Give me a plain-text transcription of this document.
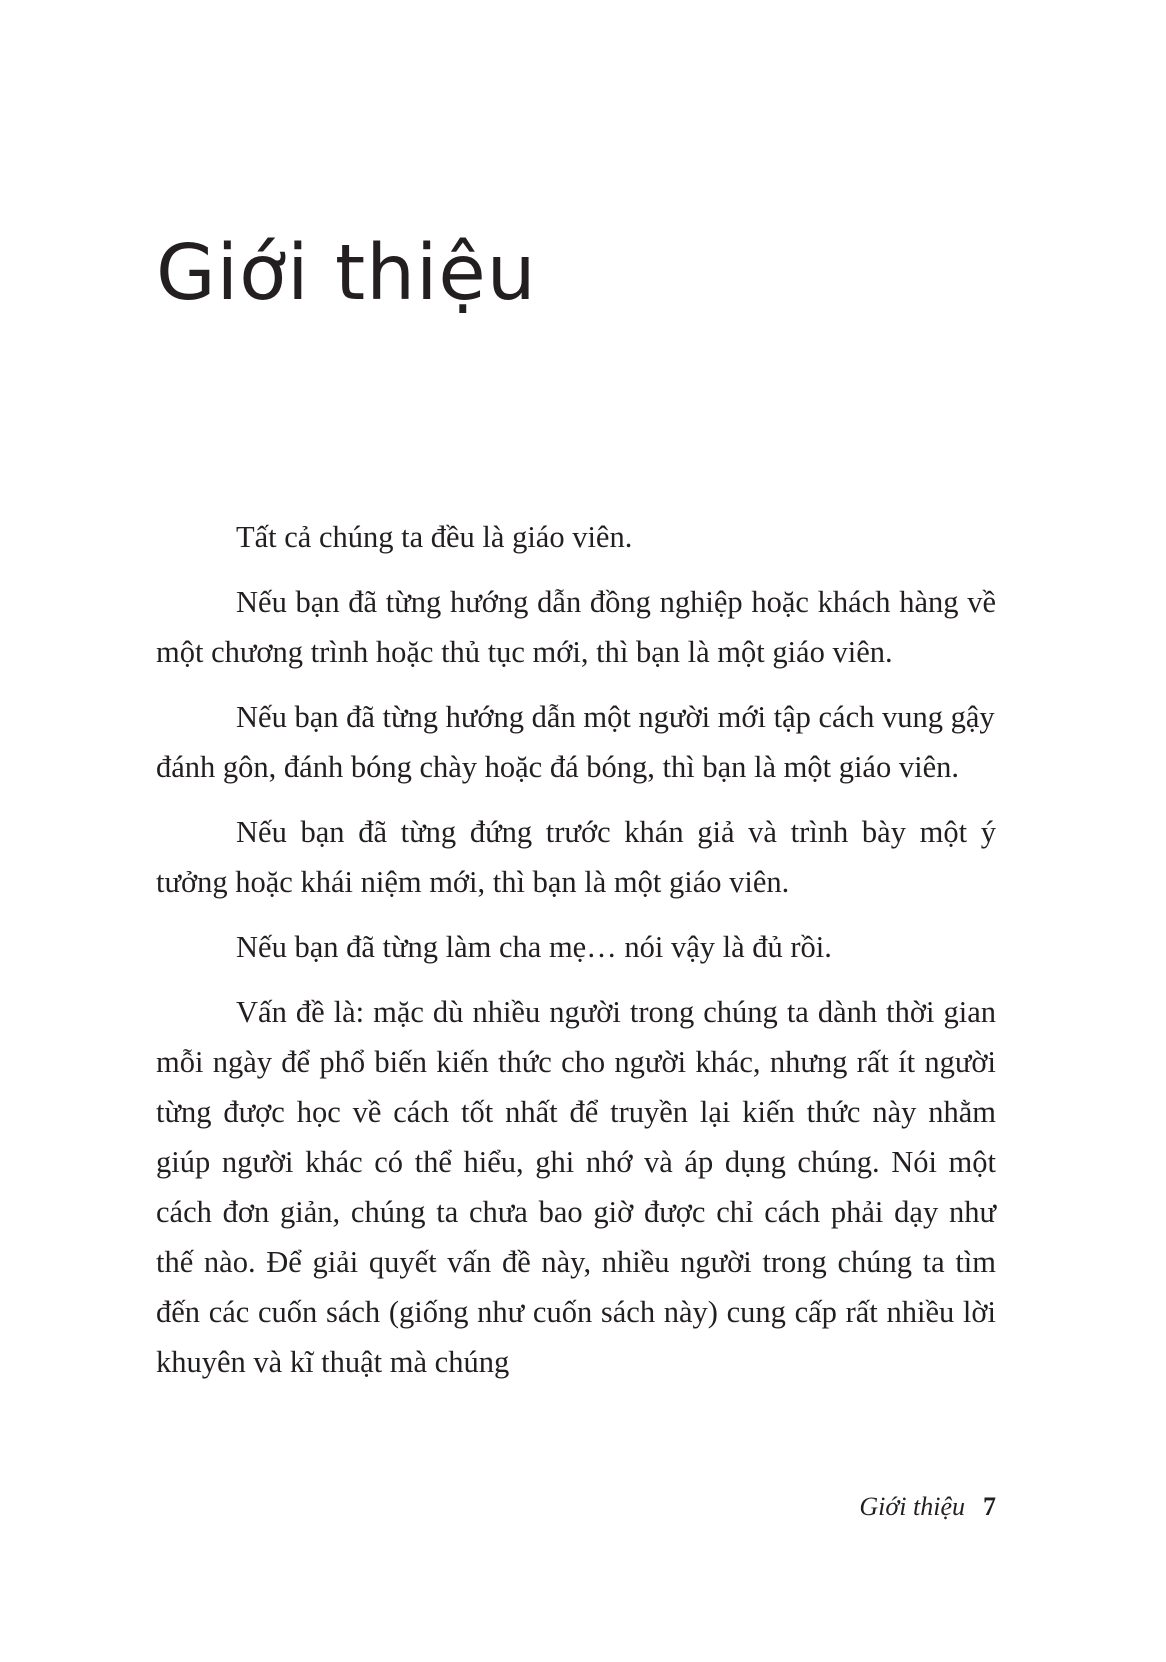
Giới thiệu

Tất cả chúng ta đều là giáo viên.

Nếu bạn đã từng hướng dẫn đồng nghiệp hoặc khách hàng về một chương trình hoặc thủ tục mới, thì bạn là một giáo viên.

Nếu bạn đã từng hướng dẫn một người mới tập cách vung gậy đánh gôn, đánh bóng chày hoặc đá bóng, thì bạn là một giáo viên.

Nếu bạn đã từng đứng trước khán giả và trình bày một ý tưởng hoặc khái niệm mới, thì bạn là một giáo viên.

Nếu bạn đã từng làm cha mẹ… nói vậy là đủ rồi.

Vấn đề là: mặc dù nhiều người trong chúng ta dành thời gian mỗi ngày để phổ biến kiến thức cho người khác, nhưng rất ít người từng được học về cách tốt nhất để truyền lại kiến thức này nhằm giúp người khác có thể hiểu, ghi nhớ và áp dụng chúng. Nói một cách đơn giản, chúng ta chưa bao giờ được chỉ cách phải dạy như thế nào. Để giải quyết vấn đề này, nhiều người trong chúng ta tìm đến các cuốn sách (giống như cuốn sách này) cung cấp rất nhiều lời khuyên và kĩ thuật mà chúng

Giới thiệu 7
